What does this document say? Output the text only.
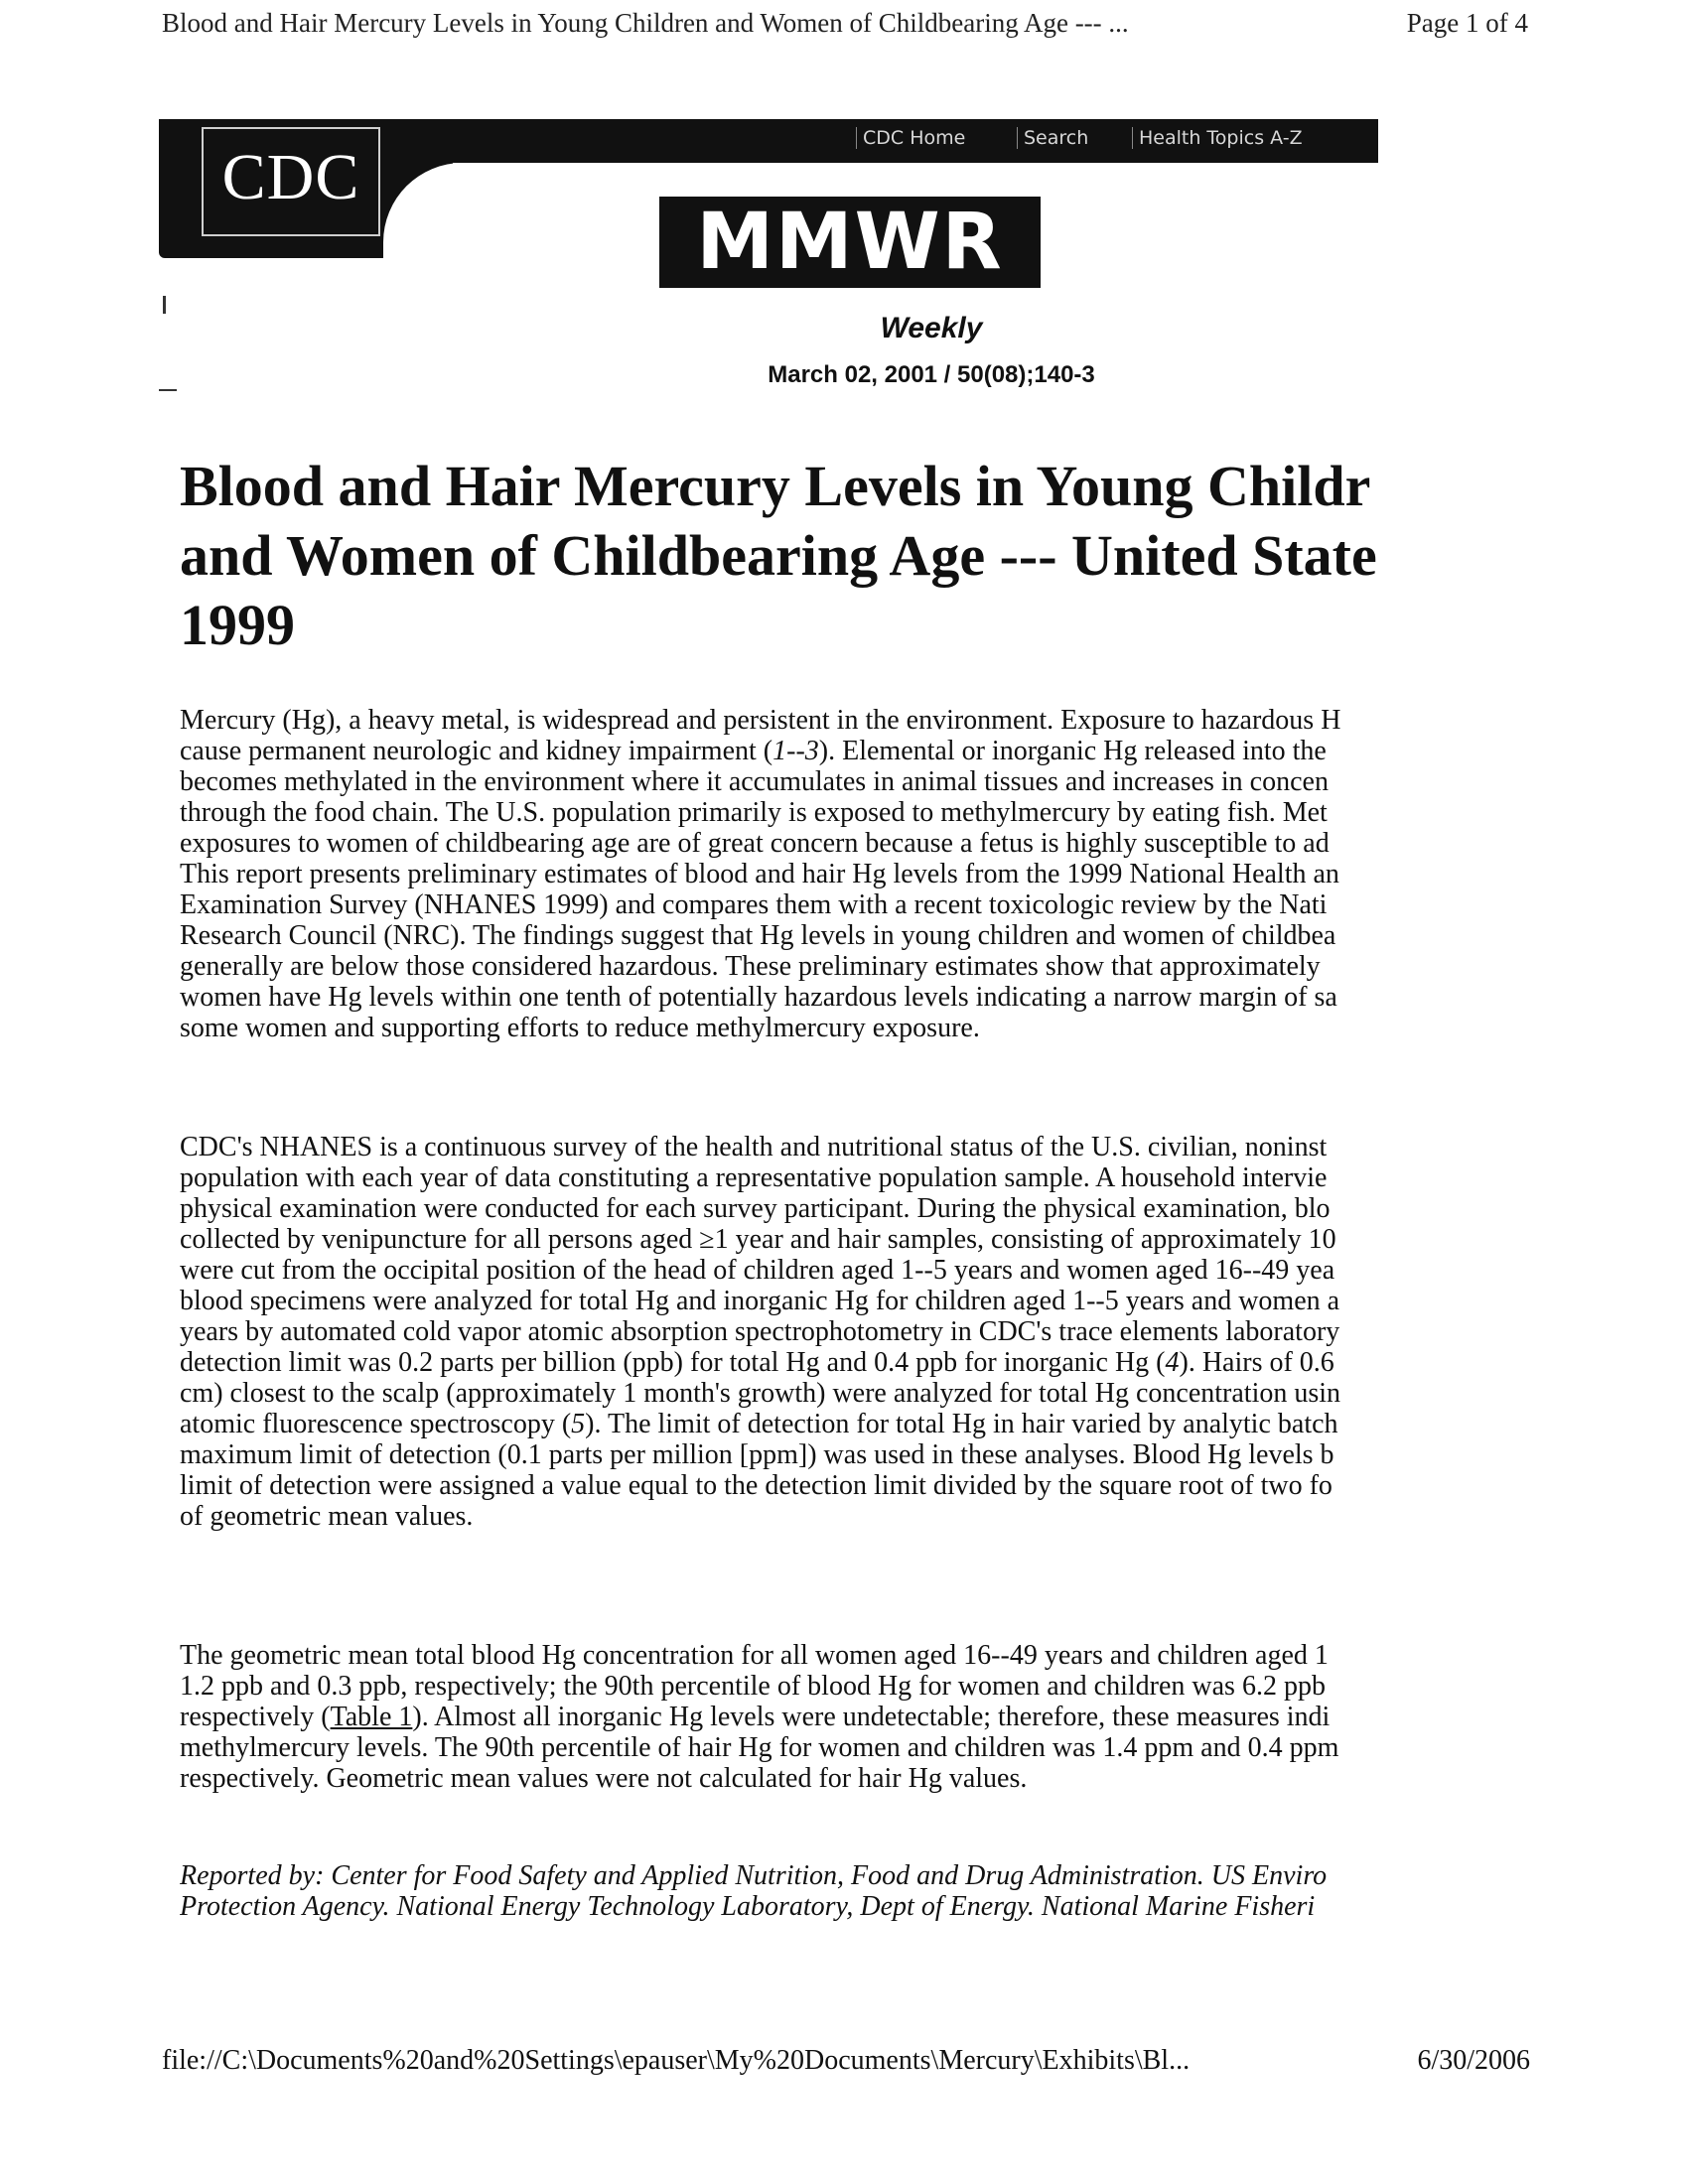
Blood and Hair Mercury Levels in Young Children and Women of Childbearing Age --- ...	Page 1 of 4
CDC
CDC Home	Search	Health Topics A-Z
MMWR
Weekly
March 02, 2001 / 50(08);140-3
Blood and Hair Mercury Levels in Young Childr
and Women of Childbearing Age --- United State
1999
Mercury (Hg), a heavy metal, is widespread and persistent in the environment. Exposure to hazardous H
cause permanent neurologic and kidney impairment (1--3). Elemental or inorganic Hg released into the
becomes methylated in the environment where it accumulates in animal tissues and increases in concen
through the food chain. The U.S. population primarily is exposed to methylmercury by eating fish. Met
exposures to women of childbearing age are of great concern because a fetus is highly susceptible to ad
This report presents preliminary estimates of blood and hair Hg levels from the 1999 National Health an
Examination Survey (NHANES 1999) and compares them with a recent toxicologic review by the Nati
Research Council (NRC). The findings suggest that Hg levels in young children and women of childbea
generally are below those considered hazardous. These preliminary estimates show that approximately
women have Hg levels within one tenth of potentially hazardous levels indicating a narrow margin of sa
some women and supporting efforts to reduce methylmercury exposure.
CDC's NHANES is a continuous survey of the health and nutritional status of the U.S. civilian, noninst
population with each year of data constituting a representative population sample. A household intervie
physical examination were conducted for each survey participant. During the physical examination, blo
collected by venipuncture for all persons aged ≥1 year and hair samples, consisting of approximately 10
were cut from the occipital position of the head of children aged 1--5 years and women aged 16--49 yea
blood specimens were analyzed for total Hg and inorganic Hg for children aged 1--5 years and women a
years by automated cold vapor atomic absorption spectrophotometry in CDC's trace elements laboratory
detection limit was 0.2 parts per billion (ppb) for total Hg and 0.4 ppb for inorganic Hg (4). Hairs of 0.6
cm) closest to the scalp (approximately 1 month's growth) were analyzed for total Hg concentration usin
atomic fluorescence spectroscopy (5). The limit of detection for total Hg in hair varied by analytic batch
maximum limit of detection (0.1 parts per million [ppm]) was used in these analyses. Blood Hg levels b
limit of detection were assigned a value equal to the detection limit divided by the square root of two fo
of geometric mean values.
The geometric mean total blood Hg concentration for all women aged 16--49 years and children aged 1
1.2 ppb and 0.3 ppb, respectively; the 90th percentile of blood Hg for women and children was 6.2 ppb
respectively (Table 1). Almost all inorganic Hg levels were undetectable; therefore, these measures indi
methylmercury levels. The 90th percentile of hair Hg for women and children was 1.4 ppm and 0.4 ppm
respectively. Geometric mean values were not calculated for hair Hg values.
Reported by: Center for Food Safety and Applied Nutrition, Food and Drug Administration. US Enviro
Protection Agency. National Energy Technology Laboratory, Dept of Energy. National Marine Fisheri
file://C:\Documents%20and%20Settings\epauser\My%20Documents\Mercury\Exhibits\Bl...	6/30/2006
